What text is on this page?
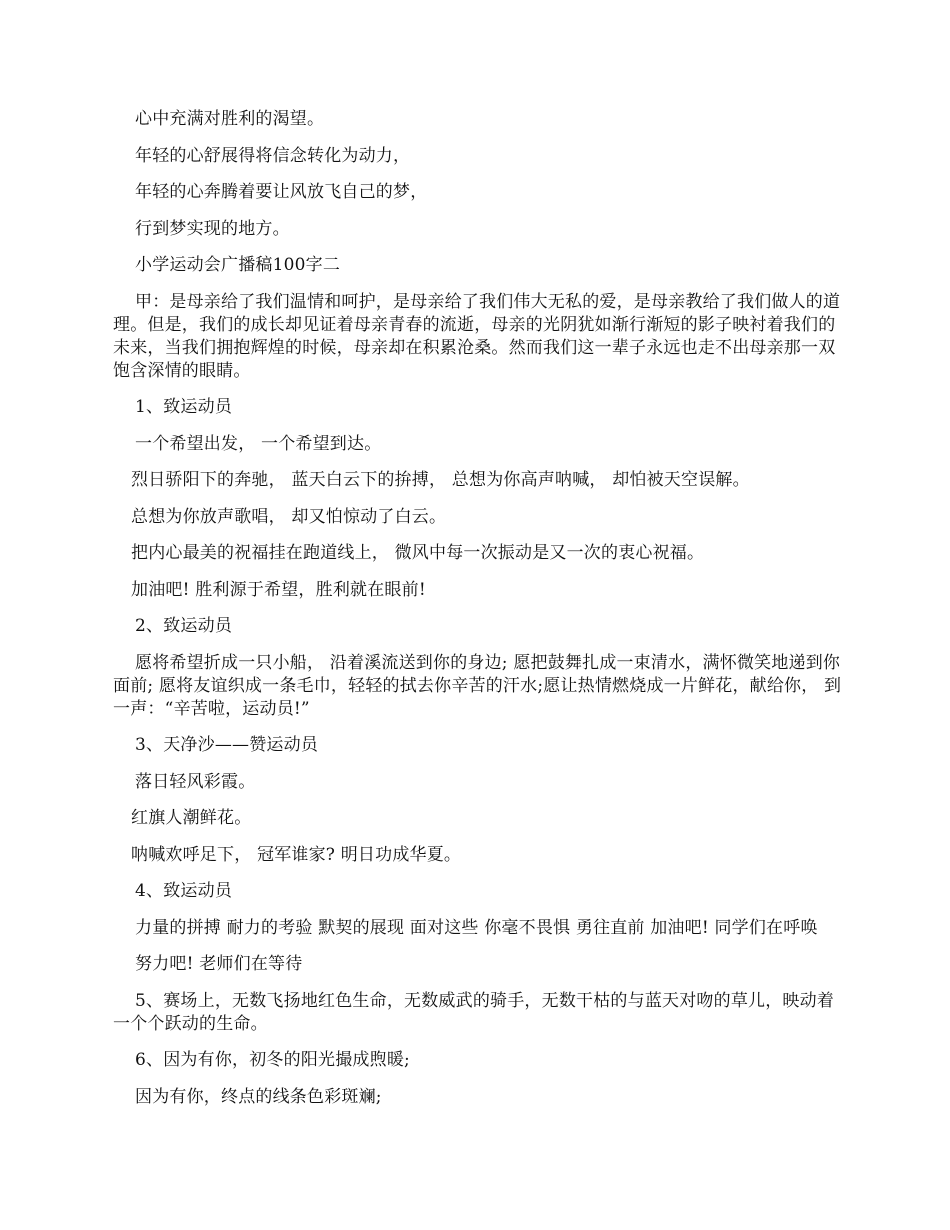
心中充满对胜利的渴望。

年轻的心舒展得将信念转化为动力，

年轻的心奔腾着要让风放飞自己的梦，

行到梦实现的地方。

小学运动会广播稿100字二

甲：是母亲给了我们温情和呵护，是母亲给了我们伟大无私的爱，是母亲教给了我们做人的道理。但是，我们的成长却见证着母亲青春的流逝，母亲的光阴犹如渐行渐短的影子映衬着我们的未来，当我们拥抱辉煌的时候，母亲却在积累沧桑。然而我们这一辈子永远也走不出母亲那一双饱含深情的眼睛。

1、致运动员

一个希望出发， 一个希望到达。

烈日骄阳下的奔驰， 蓝天白云下的拚搏， 总想为你高声呐喊， 却怕被天空误解。

总想为你放声歌唱， 却又怕惊动了白云。

把内心最美的祝福挂在跑道线上， 微风中每一次振动是又一次的衷心祝福。

加油吧! 胜利源于希望，胜利就在眼前!

2、致运动员

愿将希望折成一只小船， 沿着溪流送到你的身边; 愿把鼓舞扎成一束清水，满怀微笑地递到你面前; 愿将友谊织成一条毛巾，轻轻的拭去你辛苦的汗水;愿让热情燃烧成一片鲜花，献给你， 到一声：“辛苦啦，运动员!”

3、天净沙——赞运动员

落日轻风彩霞。

红旗人潮鲜花。

呐喊欢呼足下， 冠军谁家? 明日功成华夏。

4、致运动员

力量的拼搏 耐力的考验 默契的展现 面对这些 你毫不畏惧 勇往直前 加油吧! 同学们在呼唤

努力吧! 老师们在等待

5、赛场上，无数飞扬地红色生命，无数威武的骑手，无数干枯的与蓝天对吻的草儿，映动着一个个跃动的生命。

6、因为有你，初冬的阳光撮成煦暖;

因为有你，终点的线条色彩斑斓;
